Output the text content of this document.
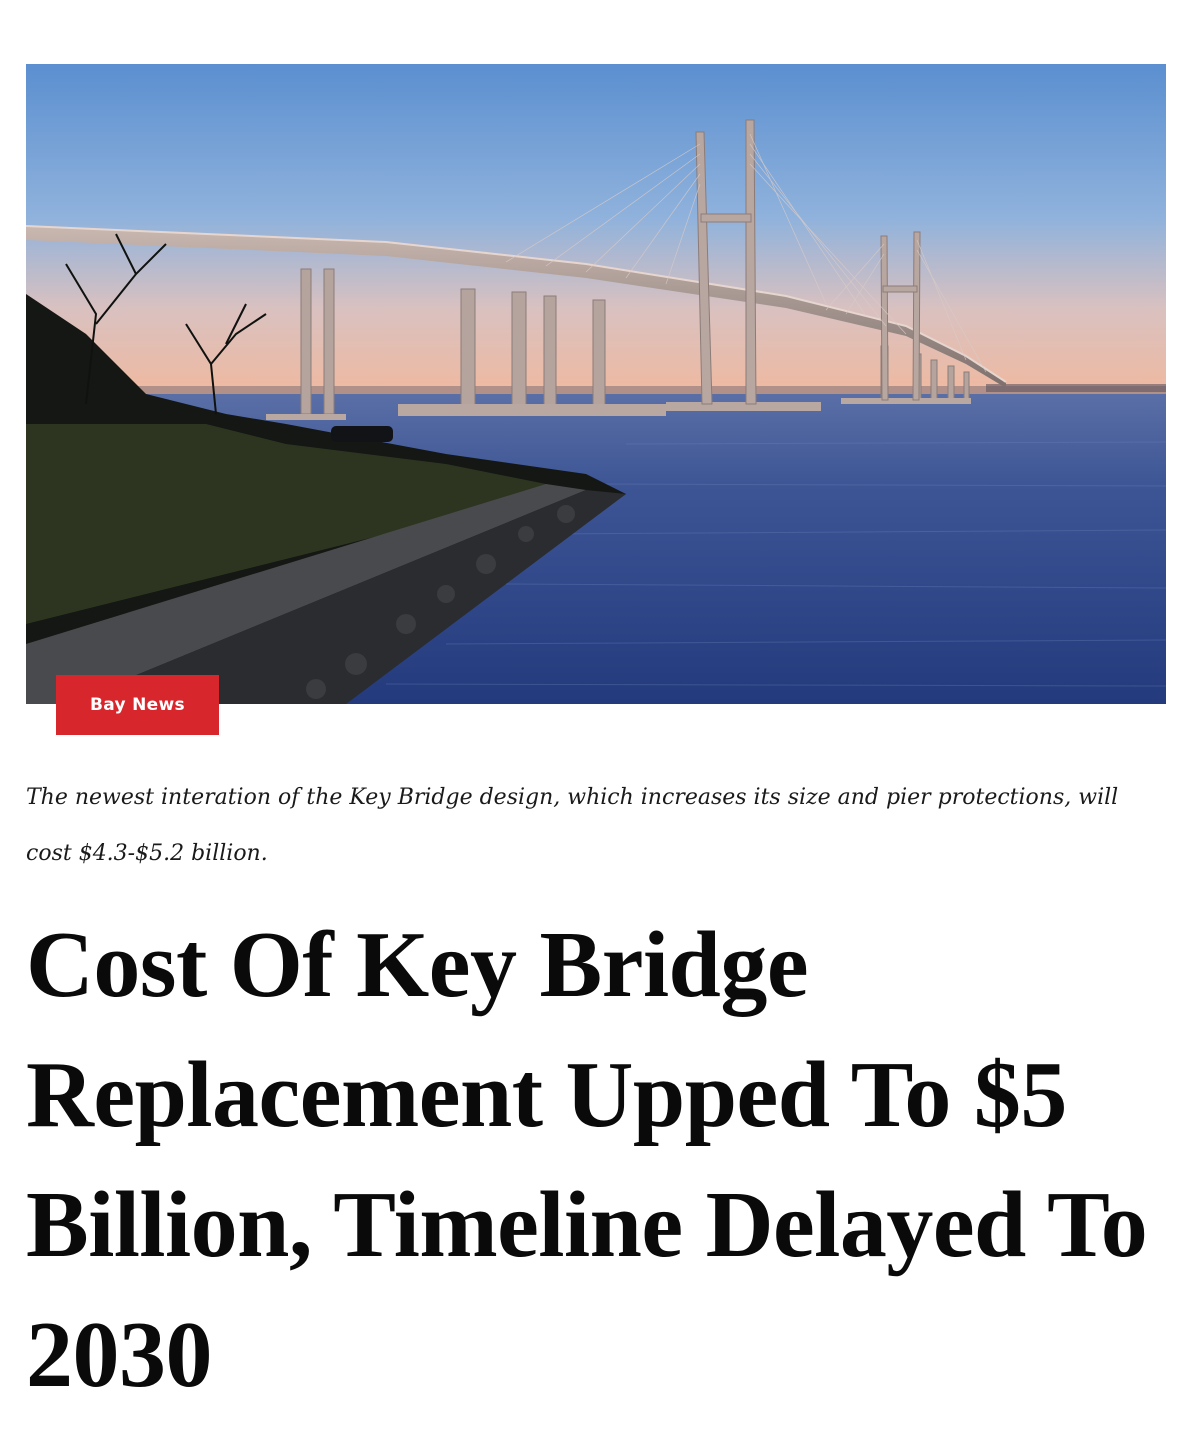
Bay News

The newest interation of the Key Bridge design, which increases its size and pier protections, will cost $4.3-$5.2 billion.

Cost Of Key Bridge Replacement Upped To $5 Billion, Timeline Delayed To 2030
